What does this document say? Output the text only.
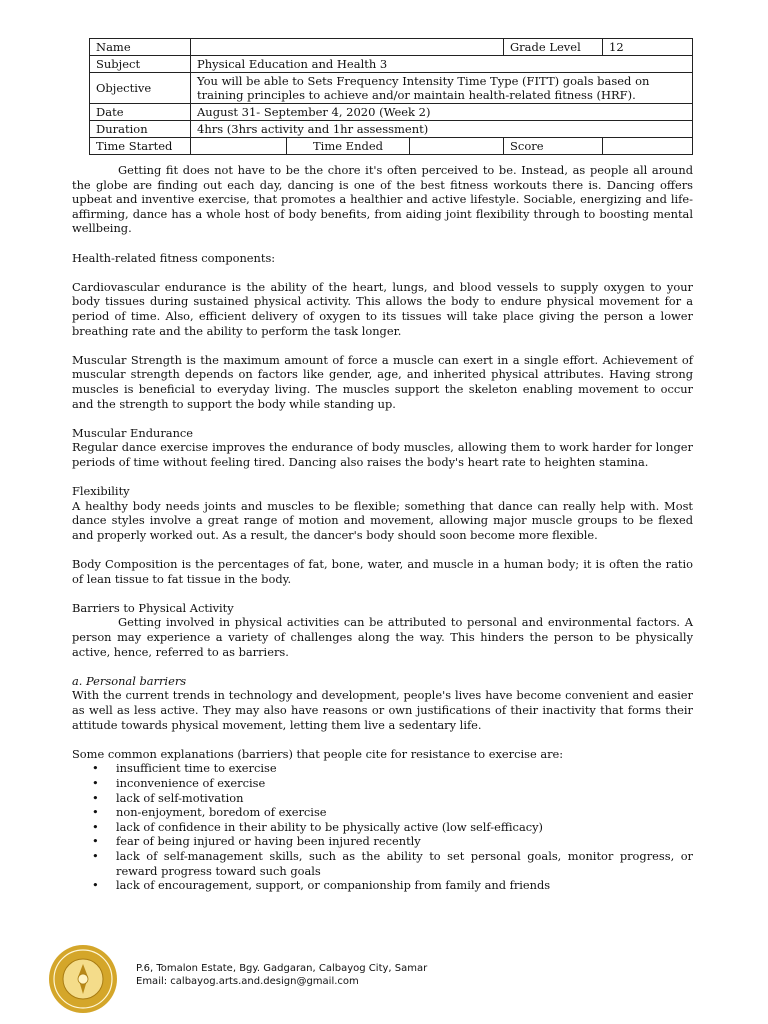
Name				Grade Level	12
Subject	Physical Education and Health 3				
Objective	You will be able to Sets Frequency Intensity Time Type (FITT) goals based on training principles to achieve and/or maintain health-related fitness (HRF).				
Date	August 31- September 4, 2020 (Week 2)				
Duration	4hrs (3hrs activity and 1hr assessment)				
Time Started		Time Ended		Score	

Getting fit does not have to be the chore it's often perceived to be. Instead, as people all around the globe are finding out each day, dancing is one of the best fitness workouts there is. Dancing offers upbeat and inventive exercise, that promotes a healthier and active lifestyle. Sociable, energizing and life-affirming, dance has a whole host of body benefits, from aiding joint flexibility through to boosting mental wellbeing.

Health-related fitness components:

Cardiovascular endurance is the ability of the heart, lungs, and blood vessels to supply oxygen to your body tissues during sustained physical activity. This allows the body to endure physical movement for a period of time. Also, efficient delivery of oxygen to its tissues will take place giving the person a lower breathing rate and the ability to perform the task longer.

Muscular Strength is the maximum amount of force a muscle can exert in a single effort. Achievement of muscular strength depends on factors like gender, age, and inherited physical attributes. Having strong muscles is beneficial to everyday living. The muscles support the skeleton enabling movement to occur and the strength to support the body while standing up.

Muscular Endurance

Regular dance exercise improves the endurance of body muscles, allowing them to work harder for longer periods of time without feeling tired. Dancing also raises the body's heart rate to heighten stamina.

Flexibility

A healthy body needs joints and muscles to be flexible; something that dance can really help with. Most dance styles involve a great range of motion and movement, allowing major muscle groups to be flexed and properly worked out. As a result, the dancer's body should soon become more flexible.

Body Composition is the percentages of fat, bone, water, and muscle in a human body; it is often the ratio of lean tissue to fat tissue in the body.

Barriers to Physical Activity

Getting involved in physical activities can be attributed to personal and environmental factors. A person may experience a variety of challenges along the way. This hinders the person to be physically active, hence, referred to as barriers.

a. Personal barriers

With the current trends in technology and development, people's lives have become convenient and easier as well as less active. They may also have reasons or own justifications of their inactivity that forms their attitude towards physical movement, letting them live a sedentary life.

Some common explanations (barriers) that people cite for resistance to exercise are:

• insufficient time to exercise
• inconvenience of exercise
• lack of self-motivation
• non-enjoyment, boredom of exercise
• lack of confidence in their ability to be physically active (low self-efficacy)
• fear of being injured or having been injured recently
• lack of self-management skills, such as the ability to set personal goals, monitor progress, or reward progress toward such goals
• lack of encouragement, support, or companionship from family and friends
P.6, Tomalon Estate, Bgy. Gadgaran, Calbayog City, Samar
Email: calbayog.arts.and.design@gmail.com
